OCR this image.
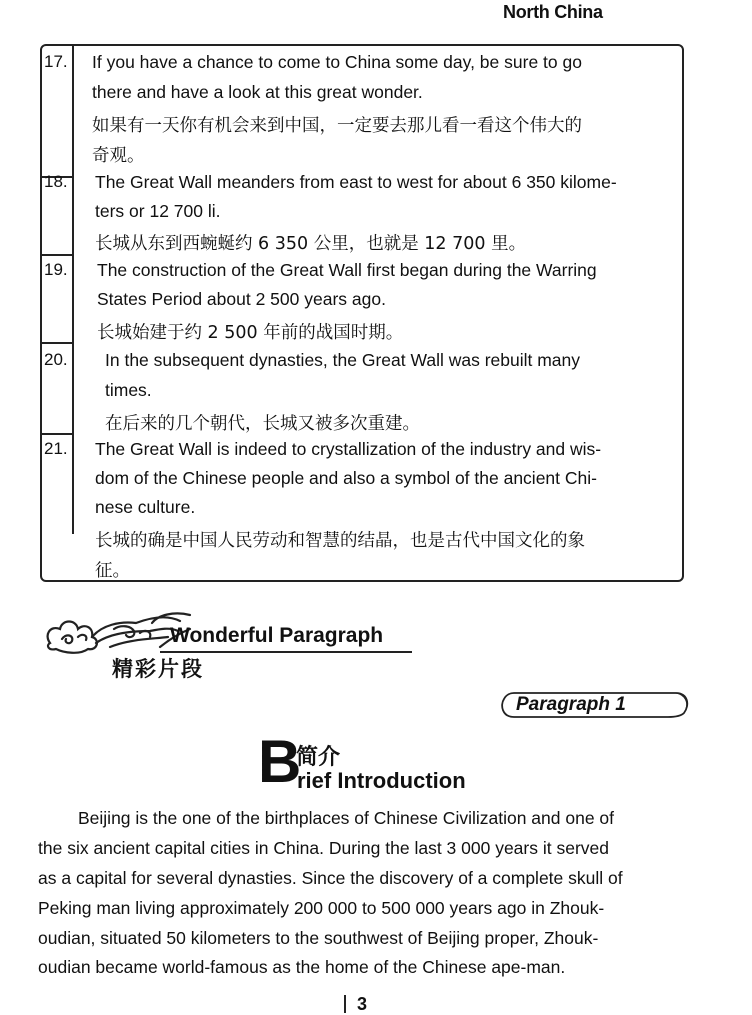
North China
17. If you have a chance to come to China some day, be sure to go
there and have a look at this great wonder.
如果有一天你有机会来到中国，一定要去那儿看一看这个伟大的
奇观。
18. The Great Wall meanders from east to west for about 6 350 kilome-
ters or 12 700 li.
长城从东到西蜿蜒约 6 350 公里，也就是 12 700 里。
19. The construction of the Great Wall first began during the Warring
States Period about 2 500 years ago.
长城始建于约 2 500 年前的战国时期。
20. In the subsequent dynasties, the Great Wall was rebuilt many
times.
在后来的几个朝代，长城又被多次重建。
21. The Great Wall is indeed to crystallization of the industry and wis-
dom of the Chinese people and also a symbol of the ancient Chi-
nese culture.
长城的确是中国人民劳动和智慧的结晶，也是古代中国文化的象
征。
Wonderful Paragraph
精彩片段
Paragraph 1
B
简介
rief Introduction
Beijing is the one of the birthplaces of Chinese Civilization and one of
the six ancient capital cities in China. During the last 3 000 years it served
as a capital for several dynasties. Since the discovery of a complete skull of
Peking man living approximately 200 000 to 500 000 years ago in Zhouk-
oudian, situated 50 kilometers to the southwest of Beijing proper, Zhouk-
oudian became world-famous as the home of the Chinese ape-man.
3
